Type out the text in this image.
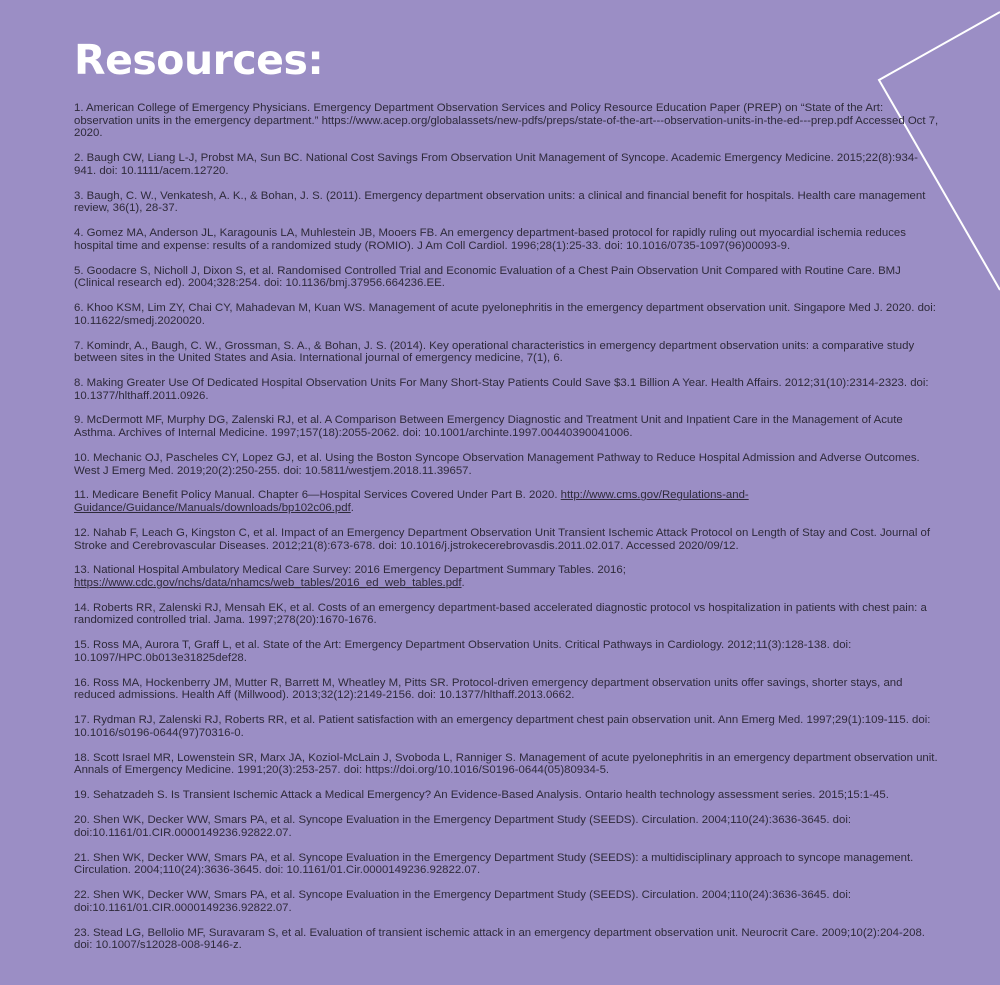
Resources:
1. American College of Emergency Physicians. Emergency Department Observation Services and Policy Resource Education Paper (PREP) on “State of the Art: observation units in the emergency department.” https://www.acep.org/globalassets/new-pdfs/preps/state-of-the-art---observation-units-in-the-ed---prep.pdf Accessed Oct 7, 2020.
2. Baugh CW, Liang L-J, Probst MA, Sun BC. National Cost Savings From Observation Unit Management of Syncope. Academic Emergency Medicine. 2015;22(8):934-941. doi: 10.1111/acem.12720.
3. Baugh, C. W., Venkatesh, A. K., & Bohan, J. S. (2011). Emergency department observation units: a clinical and financial benefit for hospitals. Health care management review, 36(1), 28-37.
4. Gomez MA, Anderson JL, Karagounis LA, Muhlestein JB, Mooers FB. An emergency department-based protocol for rapidly ruling out myocardial ischemia reduces hospital time and expense: results of a randomized study (ROMIO). J Am Coll Cardiol. 1996;28(1):25-33. doi: 10.1016/0735-1097(96)00093-9.
5. Goodacre S, Nicholl J, Dixon S, et al. Randomised Controlled Trial and Economic Evaluation of a Chest Pain Observation Unit Compared with Routine Care. BMJ (Clinical research ed). 2004;328:254. doi: 10.1136/bmj.37956.664236.EE.
6. Khoo KSM, Lim ZY, Chai CY, Mahadevan M, Kuan WS. Management of acute pyelonephritis in the emergency department observation unit. Singapore Med J. 2020. doi: 10.11622/smedj.2020020.
7. Komindr, A., Baugh, C. W., Grossman, S. A., & Bohan, J. S. (2014). Key operational characteristics in emergency department observation units: a comparative study between sites in the United States and Asia. International journal of emergency medicine, 7(1), 6.
8. Making Greater Use Of Dedicated Hospital Observation Units For Many Short-Stay Patients Could Save $3.1 Billion A Year. Health Affairs. 2012;31(10):2314-2323. doi: 10.1377/hlthaff.2011.0926.
9. McDermott MF, Murphy DG, Zalenski RJ, et al. A Comparison Between Emergency Diagnostic and Treatment Unit and Inpatient Care in the Management of Acute Asthma. Archives of Internal Medicine. 1997;157(18):2055-2062. doi: 10.1001/archinte.1997.00440390041006.
10. Mechanic OJ, Pascheles CY, Lopez GJ, et al. Using the Boston Syncope Observation Management Pathway to Reduce Hospital Admission and Adverse Outcomes. West J Emerg Med. 2019;20(2):250-255. doi: 10.5811/westjem.2018.11.39657.
11. Medicare Benefit Policy Manual. Chapter 6—Hospital Services Covered Under Part B. 2020. http://www.cms.gov/Regulations-and-Guidance/Guidance/Manuals/downloads/bp102c06.pdf.
12. Nahab F, Leach G, Kingston C, et al. Impact of an Emergency Department Observation Unit Transient Ischemic Attack Protocol on Length of Stay and Cost. Journal of Stroke and Cerebrovascular Diseases. 2012;21(8):673-678. doi: 10.1016/j.jstrokecerebrovasdis.2011.02.017. Accessed 2020/09/12.
13. National Hospital Ambulatory Medical Care Survey: 2016 Emergency Department Summary Tables. 2016; https://www.cdc.gov/nchs/data/nhamcs/web_tables/2016_ed_web_tables.pdf.
14. Roberts RR, Zalenski RJ, Mensah EK, et al. Costs of an emergency department-based accelerated diagnostic protocol vs hospitalization in patients with chest pain: a randomized controlled trial. Jama. 1997;278(20):1670-1676.
15. Ross MA, Aurora T, Graff L, et al. State of the Art: Emergency Department Observation Units. Critical Pathways in Cardiology. 2012;11(3):128-138. doi: 10.1097/HPC.0b013e31825def28.
16. Ross MA, Hockenberry JM, Mutter R, Barrett M, Wheatley M, Pitts SR. Protocol-driven emergency department observation units offer savings, shorter stays, and reduced admissions. Health Aff (Millwood). 2013;32(12):2149-2156. doi: 10.1377/hlthaff.2013.0662.
17. Rydman RJ, Zalenski RJ, Roberts RR, et al. Patient satisfaction with an emergency department chest pain observation unit. Ann Emerg Med. 1997;29(1):109-115. doi: 10.1016/s0196-0644(97)70316-0.
18. Scott Israel MR, Lowenstein SR, Marx JA, Koziol-McLain J, Svoboda L, Ranniger S. Management of acute pyelonephritis in an emergency department observation unit. Annals of Emergency Medicine. 1991;20(3):253-257. doi: https://doi.org/10.1016/S0196-0644(05)80934-5.
19. Sehatzadeh S. Is Transient Ischemic Attack a Medical Emergency? An Evidence-Based Analysis. Ontario health technology assessment series. 2015;15:1-45.
20. Shen WK, Decker WW, Smars PA, et al. Syncope Evaluation in the Emergency Department Study (SEEDS). Circulation. 2004;110(24):3636-3645. doi: doi:10.1161/01.CIR.0000149236.92822.07.
21. Shen WK, Decker WW, Smars PA, et al. Syncope Evaluation in the Emergency Department Study (SEEDS): a multidisciplinary approach to syncope management. Circulation. 2004;110(24):3636-3645. doi: 10.1161/01.Cir.0000149236.92822.07.
22. Shen WK, Decker WW, Smars PA, et al. Syncope Evaluation in the Emergency Department Study (SEEDS). Circulation. 2004;110(24):3636-3645. doi: doi:10.1161/01.CIR.0000149236.92822.07.
23. Stead LG, Bellolio MF, Suravaram S, et al. Evaluation of transient ischemic attack in an emergency department observation unit. Neurocrit Care. 2009;10(2):204-208. doi: 10.1007/s12028-008-9146-z.
